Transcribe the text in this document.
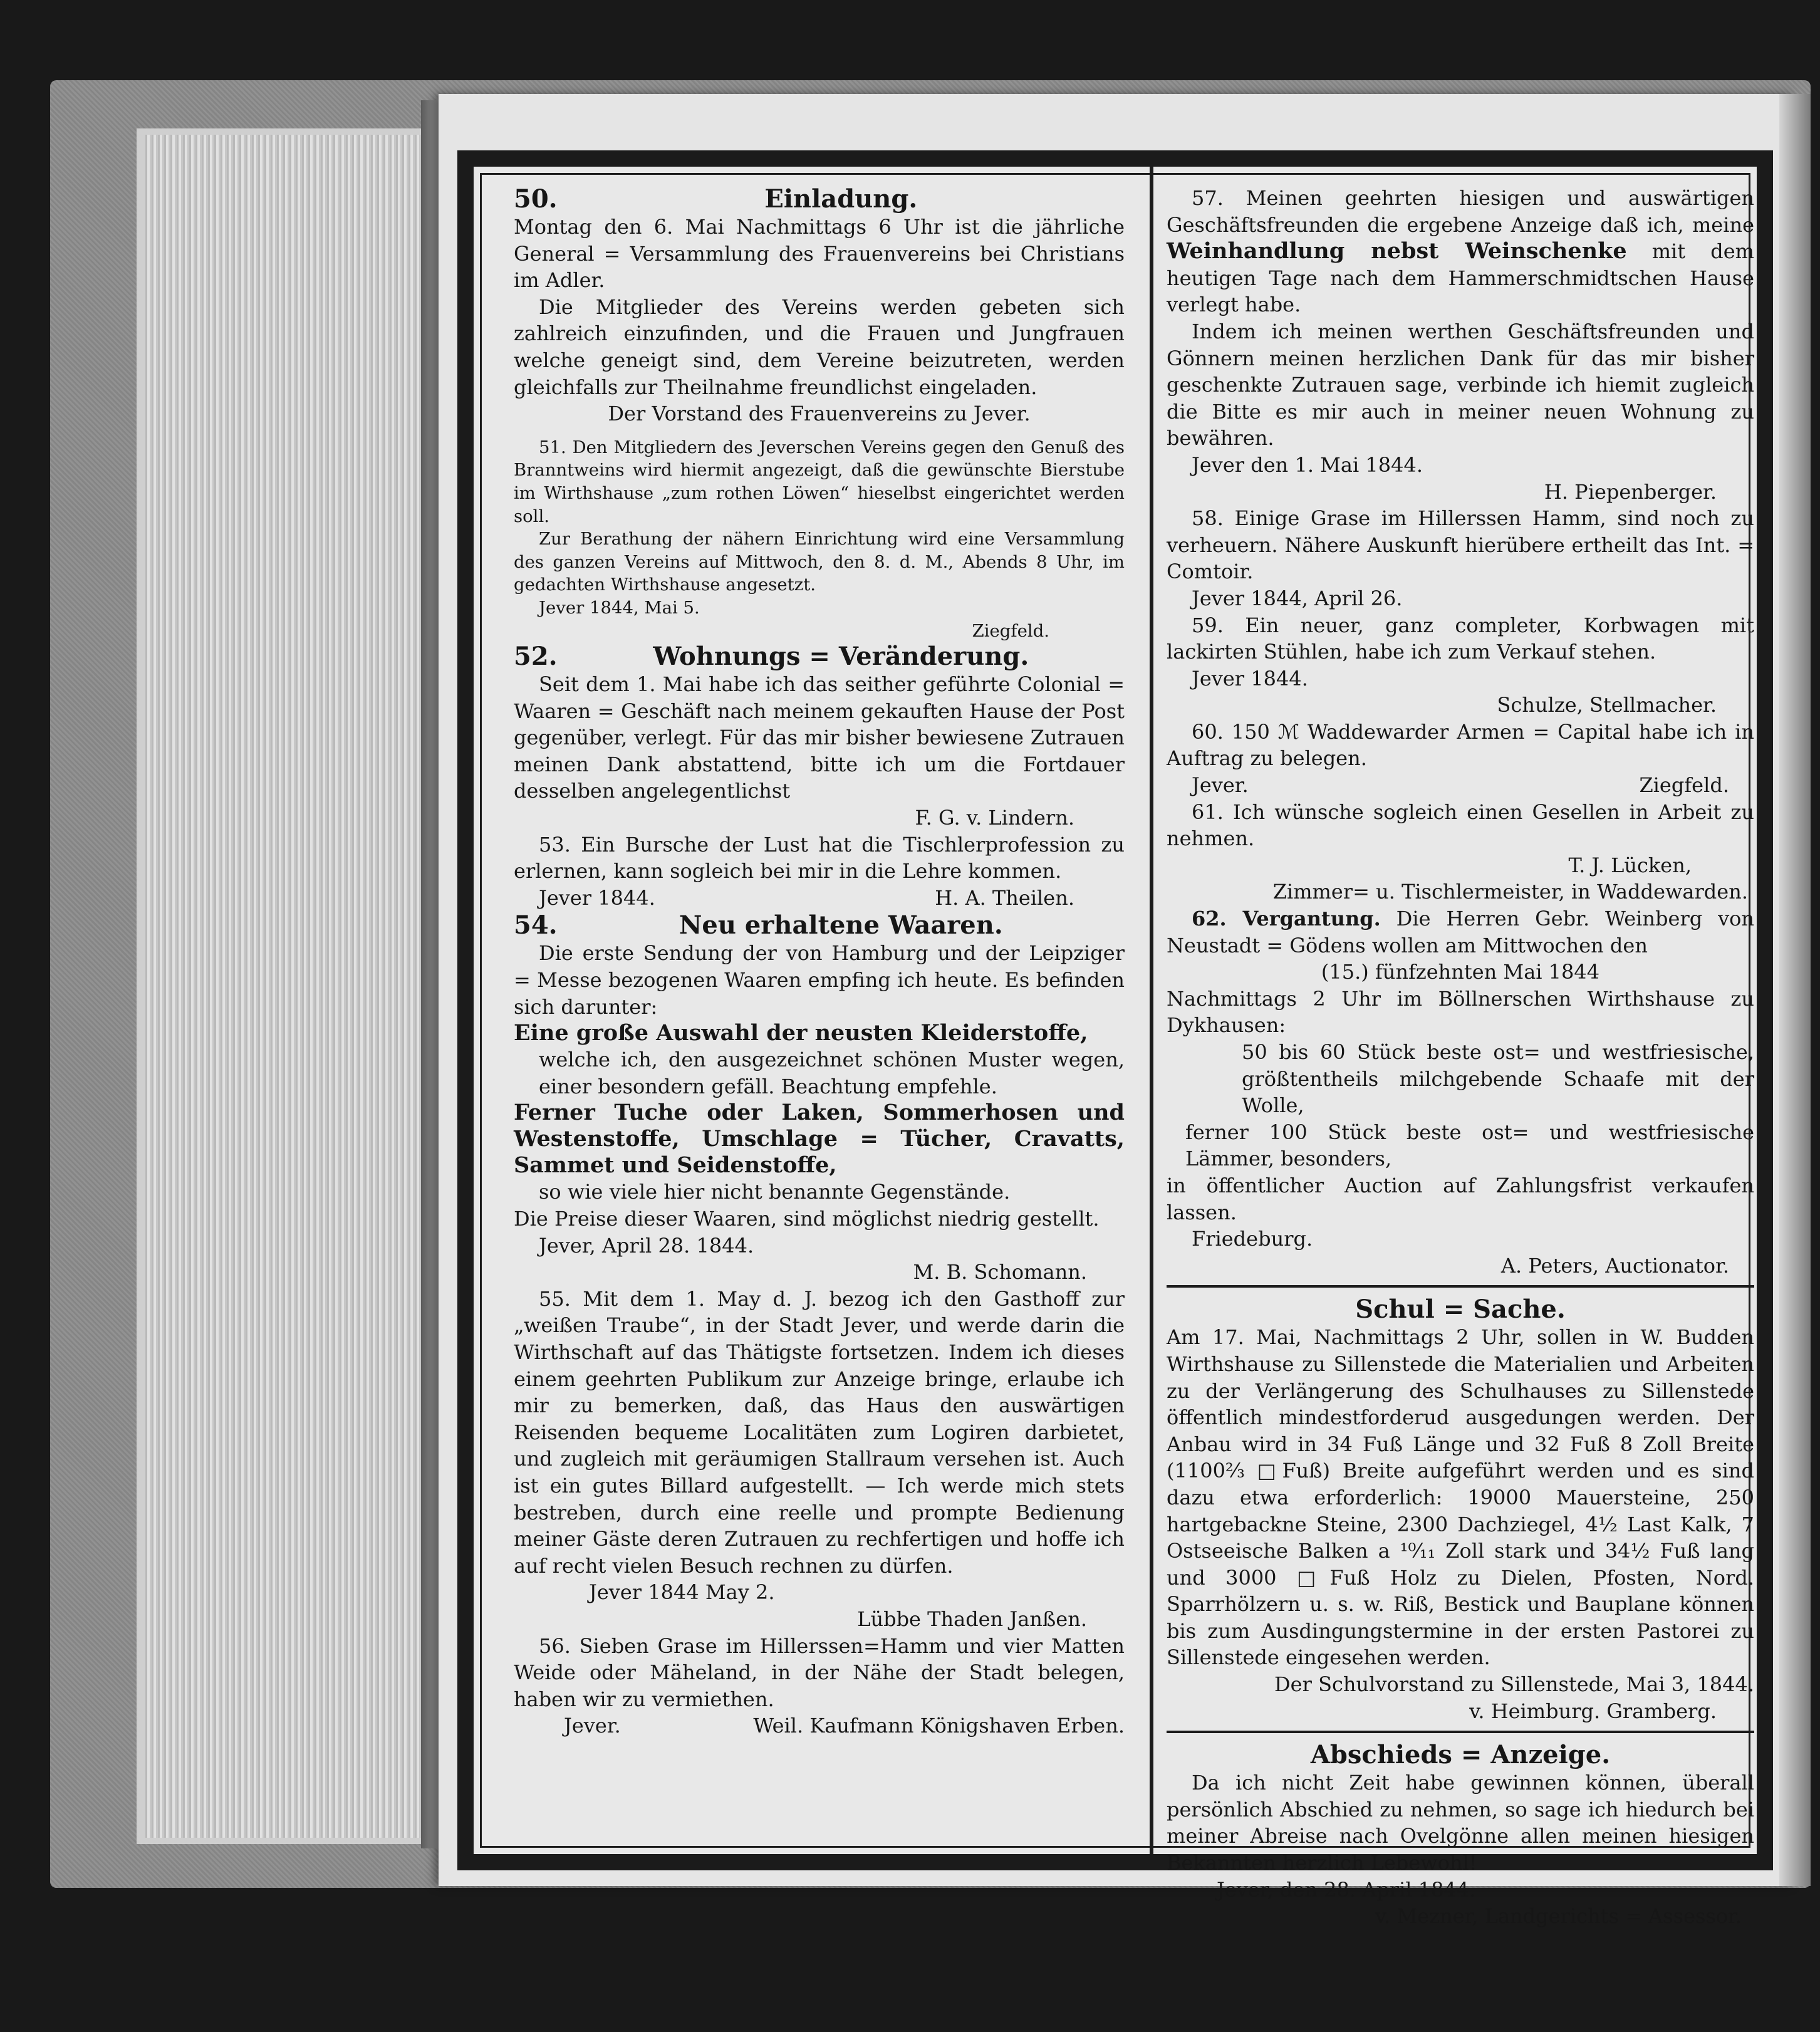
50.	Einladung.

Montag den 6. Mai Nachmittags 6 Uhr ist die jährliche General = Versammlung des Frauenvereins bei Christians im Adler.

Die Mitglieder des Vereins werden gebeten sich zahlreich einzufinden, und die Frauen und Jungfrauen welche geneigt sind, dem Vereine beizutreten, werden gleichfalls zur Theilnahme freundlichst eingeladen.

Der Vorstand des Frauenvereins zu Jever.

51. Den Mitgliedern des Jeverschen Vereins gegen den Genuß des Branntweins wird hiermit angezeigt, daß die gewünschte Bierstube im Wirthshause „zum rothen Löwen“ hieselbst eingerichtet werden soll.

Zur Berathung der nähern Einrichtung wird eine Versammlung des ganzen Vereins auf Mittwoch, den 8. d. M., Abends 8 Uhr, im gedachten Wirthshause angesetzt.

Jever 1844, Mai 5.

Ziegfeld.

52.	Wohnungs = Veränderung.

Seit dem 1. Mai habe ich das seither geführte Colonial = Waaren = Geschäft nach meinem gekauften Hause der Post gegenüber, verlegt. Für das mir bisher bewiesene Zutrauen meinen Dank abstattend, bitte ich um die Fortdauer desselben angelegentlichst

F. G. v. Lindern.

53. Ein Bursche der Lust hat die Tischlerprofession zu erlernen, kann sogleich bei mir in die Lehre kommen.

Jever 1844.	H. A. Theilen.

54.	Neu erhaltene Waaren.

Die erste Sendung der von Hamburg und der Leipziger = Messe bezogenen Waaren empfing ich heute. Es befinden sich darunter:

Eine große Auswahl der neusten Kleiderstoffe,

welche ich, den ausgezeichnet schönen Muster wegen, einer besondern gefäll. Beachtung empfehle.

Ferner Tuche oder Laken, Sommerhosen und Westenstoffe, Umschlage = Tücher, Cravatts, Sammet und Seidenstoffe,

so wie viele hier nicht benannte Gegenstände.

Die Preise dieser Waaren, sind möglichst niedrig gestellt.

Jever, April 28. 1844.

M. B. Schomann.

55. Mit dem 1. May d. J. bezog ich den Gasthoff zur „weißen Traube“, in der Stadt Jever, und werde darin die Wirthschaft auf das Thätigste fortsetzen. Indem ich dieses einem geehrten Publikum zur Anzeige bringe, erlaube ich mir zu bemerken, daß, das Haus den auswärtigen Reisenden bequeme Localitäten zum Logiren darbietet, und zugleich mit geräumigen Stallraum versehen ist. Auch ist ein gutes Billard aufgestellt. — Ich werde mich stets bestreben, durch eine reelle und prompte Bedienung meiner Gäste deren Zutrauen zu rechfertigen und hoffe ich auf recht vielen Besuch rechnen zu dürfen.

Jever 1844 May 2.

Lübbe Thaden Janßen.

56. Sieben Grase im Hillerssen=Hamm und vier Matten Weide oder Mäheland, in der Nähe der Stadt belegen, haben wir zu vermiethen.

Jever.	Weil. Kaufmann Königshaven Erben.

57. Meinen geehrten hiesigen und auswärtigen Geschäftsfreunden die ergebene Anzeige daß ich, meine Weinhandlung nebst Weinschenke mit dem heutigen Tage nach dem Hammerschmidtschen Hause verlegt habe.

Indem ich meinen werthen Geschäftsfreunden und Gönnern meinen herzlichen Dank für das mir bisher geschenkte Zutrauen sage, verbinde ich hiemit zugleich die Bitte es mir auch in meiner neuen Wohnung zu bewähren.

Jever den 1. Mai 1844.

H. Piepenberger.

58. Einige Grase im Hillerssen Hamm, sind noch zu verheuern. Nähere Auskunft hierübere ertheilt das Int. = Comtoir.

Jever 1844, April 26.

59. Ein neuer, ganz completer, Korbwagen mit lackirten Stühlen, habe ich zum Verkauf stehen.

Jever 1844.

Schulze, Stellmacher.

60. 150 ℳ Waddewarder Armen = Capital habe ich in Auftrag zu belegen.

Jever.	Ziegfeld.

61. Ich wünsche sogleich einen Gesellen in Arbeit zu nehmen.

T. J. Lücken,

Zimmer= u. Tischlermeister, in Waddewarden.

62. Vergantung. Die Herren Gebr. Weinberg von Neustadt = Gödens wollen am Mittwochen den

(15.) fünfzehnten Mai 1844

Nachmittags 2 Uhr im Böllnerschen Wirthshause zu Dykhausen:

50 bis 60 Stück beste ost= und westfriesische, größtentheils milchgebende Schaafe mit der Wolle,

ferner 100 Stück beste ost= und westfriesische Lämmer, besonders,

in öffentlicher Auction auf Zahlungsfrist verkaufen lassen.

Friedeburg.

A. Peters, Auctionator.

Schul = Sache.

Am 17. Mai, Nachmittags 2 Uhr, sollen in W. Budden Wirthshause zu Sillenstede die Materialien und Arbeiten zu der Verlängerung des Schulhauses zu Sillenstede öffentlich mindestforderud ausgedungen werden. Der Anbau wird in 34 Fuß Länge und 32 Fuß 8 Zoll Breite (1100²⁄₃ □Fuß) Breite aufgeführt werden und es sind dazu etwa erforderlich: 19000 Mauersteine, 250 hartgebackne Steine, 2300 Dachziegel, 4½ Last Kalk, 7 Ostseeische Balken a ¹⁰⁄₁₁ Zoll stark und 34½ Fuß lang und 3000 □Fuß Holz zu Dielen, Pfosten, Nord. Sparrhölzern u. s. w. Riß, Bestick und Bauplane können bis zum Ausdingungstermine in der ersten Pastorei zu Sillenstede eingesehen werden.

Der Schulvorstand zu Sillenstede, Mai 3, 1844.

v. Heimburg. Gramberg.

Abschieds = Anzeige.

Da ich nicht Zeit habe gewinnen können, überall persönlich Abschied zu nehmen, so sage ich hiedurch bei meiner Abreise nach Ovelgönne allen meinen hiesigen Bekannten herzlich Lebewohl!

Jever, den 28. April 1844.

v. Mezner, Landgerichts = Assessor.
